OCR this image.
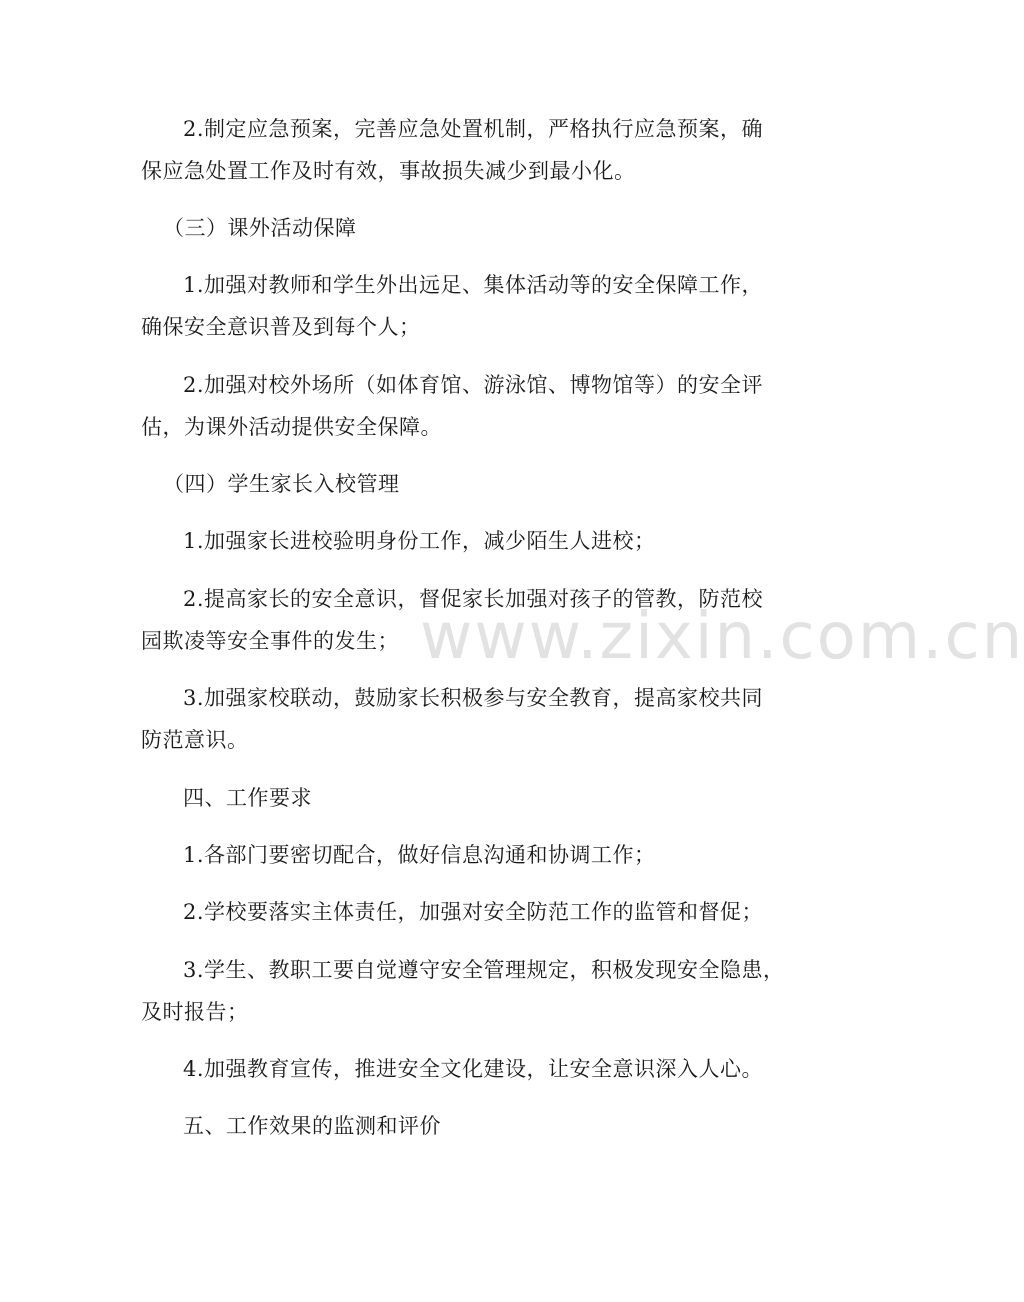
www.zixin.com.cn
2.制定应急预案，完善应急处置机制，严格执行应急预案，确
保应急处置工作及时有效，事故损失减少到最小化。
（三）课外活动保障
1.加强对教师和学生外出远足、集体活动等的安全保障工作，
确保安全意识普及到每个人；
2.加强对校外场所（如体育馆、游泳馆、博物馆等）的安全评
估，为课外活动提供安全保障。
（四）学生家长入校管理
1.加强家长进校验明身份工作，减少陌生人进校；
2.提高家长的安全意识，督促家长加强对孩子的管教，防范校
园欺凌等安全事件的发生；
3.加强家校联动，鼓励家长积极参与安全教育，提高家校共同
防范意识。
四、工作要求
1.各部门要密切配合，做好信息沟通和协调工作；
2.学校要落实主体责任，加强对安全防范工作的监管和督促；
3.学生、教职工要自觉遵守安全管理规定，积极发现安全隐患，
及时报告；
4.加强教育宣传，推进安全文化建设，让安全意识深入人心。
五、工作效果的监测和评价
